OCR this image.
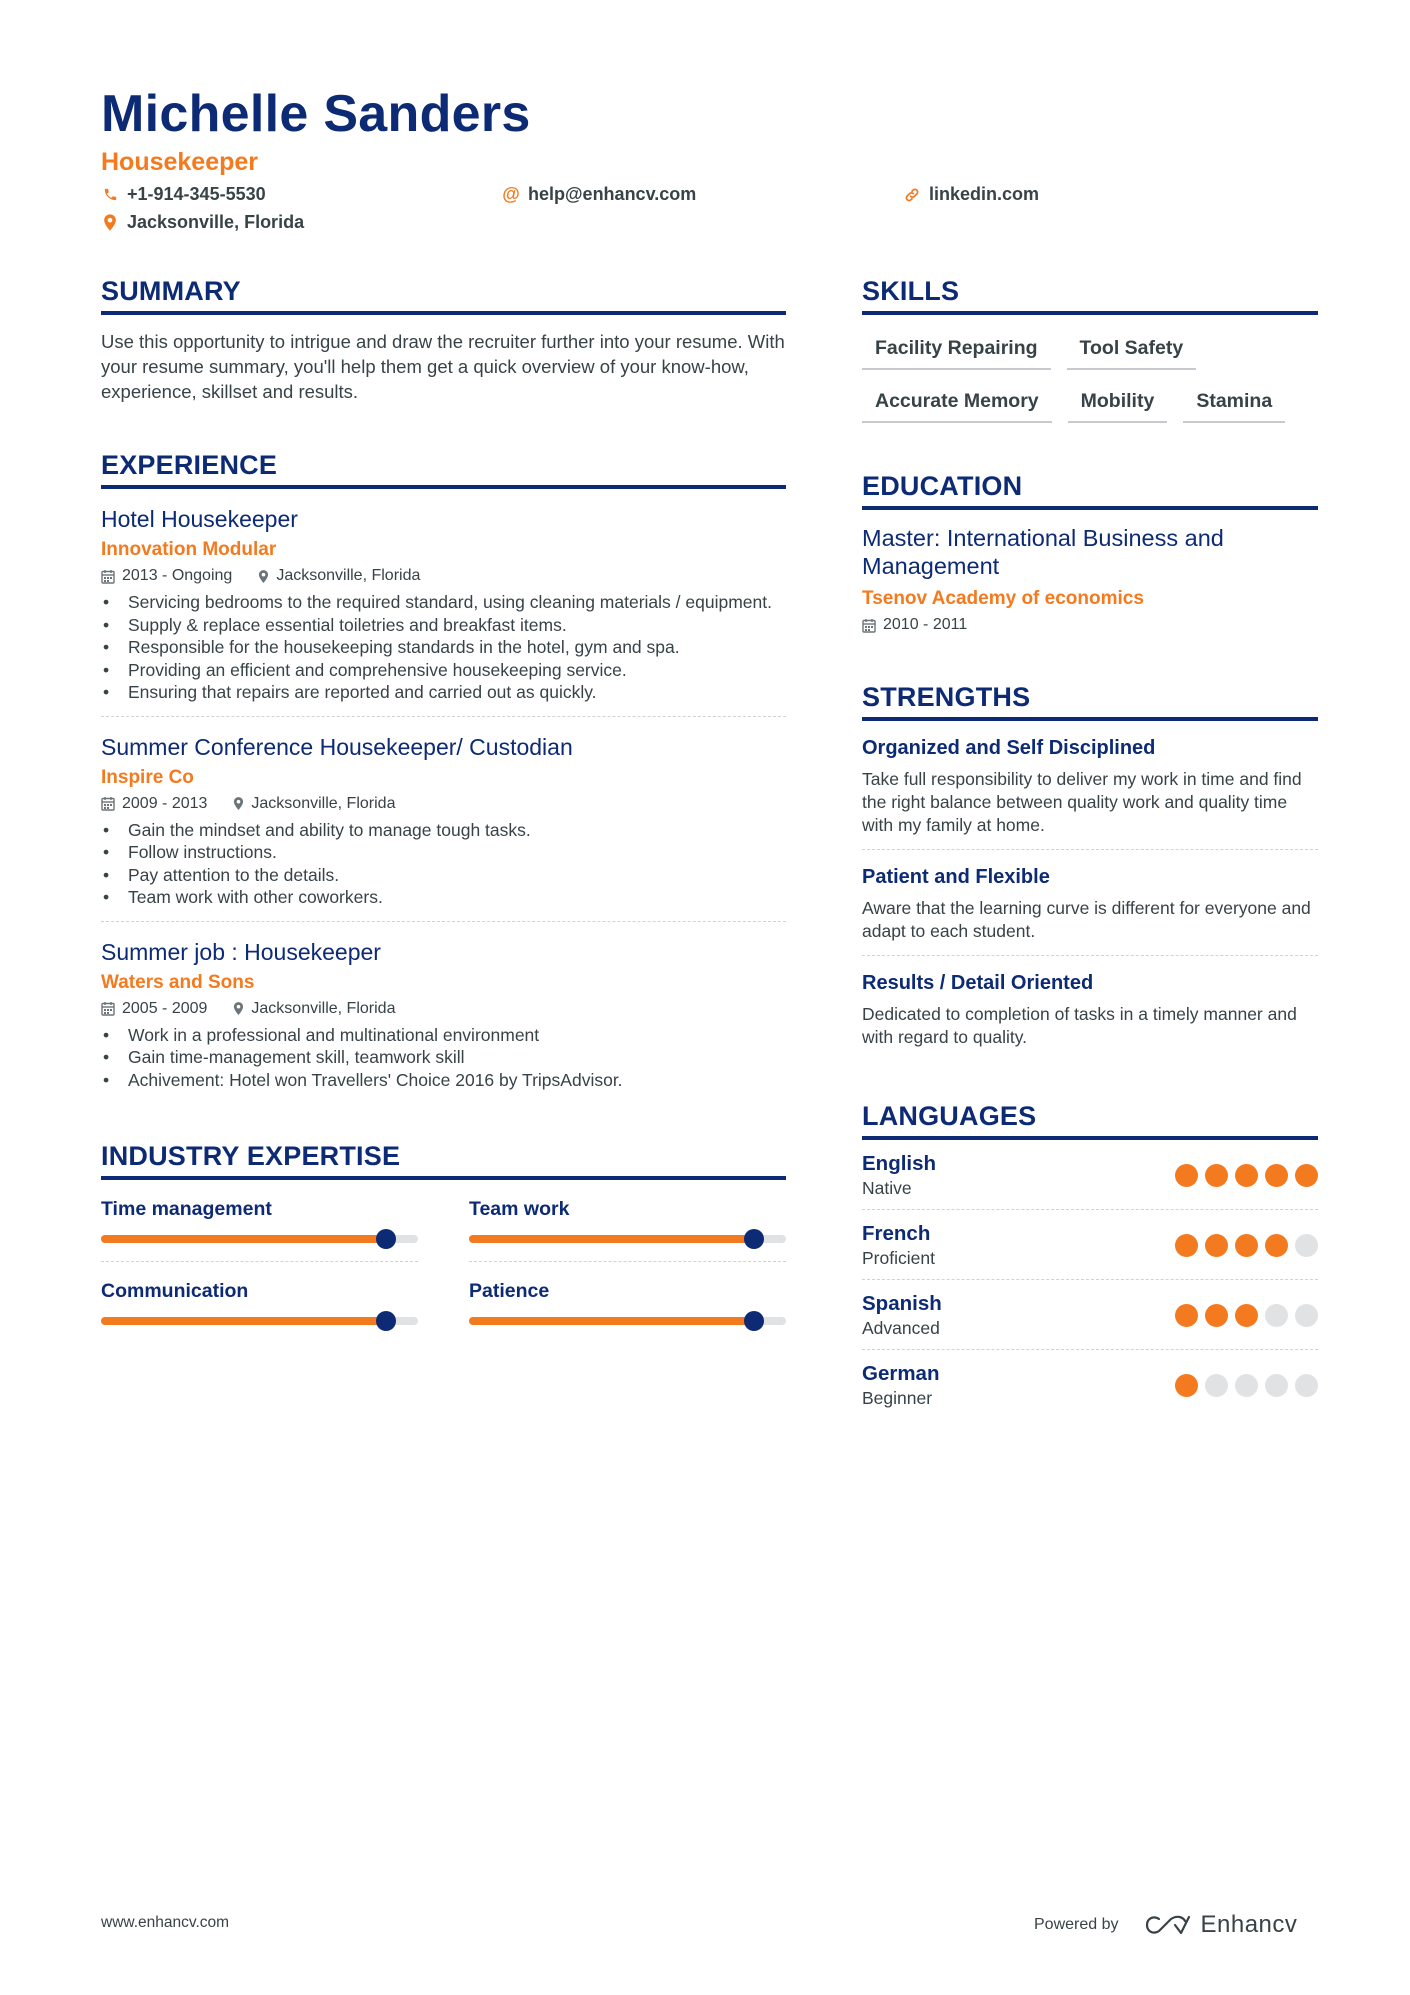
Michelle Sanders
Housekeeper
+1-914-345-5530	@ help@enhancv.com	linkedin.com
Jacksonville, Florida
SUMMARY
Use this opportunity to intrigue and draw the recruiter further into your resume. With your resume summary, you'll help them get a quick overview of your know-how, experience, skillset and results.
EXPERIENCE
Hotel Housekeeper
Innovation Modular
2013 - Ongoing	Jacksonville, Florida
• Servicing bedrooms to the required standard, using cleaning materials / equipment.
• Supply & replace essential toiletries and breakfast items.
• Responsible for the housekeeping standards in the hotel, gym and spa.
• Providing an efficient and comprehensive housekeeping service.
• Ensuring that repairs are reported and carried out as quickly.
Summer Conference Housekeeper/ Custodian
Inspire Co
2009 - 2013	Jacksonville, Florida
• Gain the mindset and ability to manage tough tasks.
• Follow instructions.
• Pay attention to the details.
• Team work with other coworkers.
Summer job : Housekeeper
Waters and Sons
2005 - 2009	Jacksonville, Florida
• Work in a professional and multinational environment
• Gain time-management skill, teamwork skill
• Achivement: Hotel won Travellers' Choice 2016 by TripsAdvisor.
INDUSTRY EXPERTISE
Time management	Team work
Communication	Patience
SKILLS
Facility Repairing	Tool Safety
Accurate Memory	Mobility	Stamina
EDUCATION
Master: International Business and Management
Tsenov Academy of economics
2010 - 2011
STRENGTHS
Organized and Self Disciplined
Take full responsibility to deliver my work in time and find the right balance between quality work and quality time with my family at home.
Patient and Flexible
Aware that the learning curve is different for everyone and adapt to each student.
Results / Detail Oriented
Dedicated to completion of tasks in a timely manner and with regard to quality.
LANGUAGES
English
Native
French
Proficient
Spanish
Advanced
German
Beginner
www.enhancv.com	Powered by	Enhancv
